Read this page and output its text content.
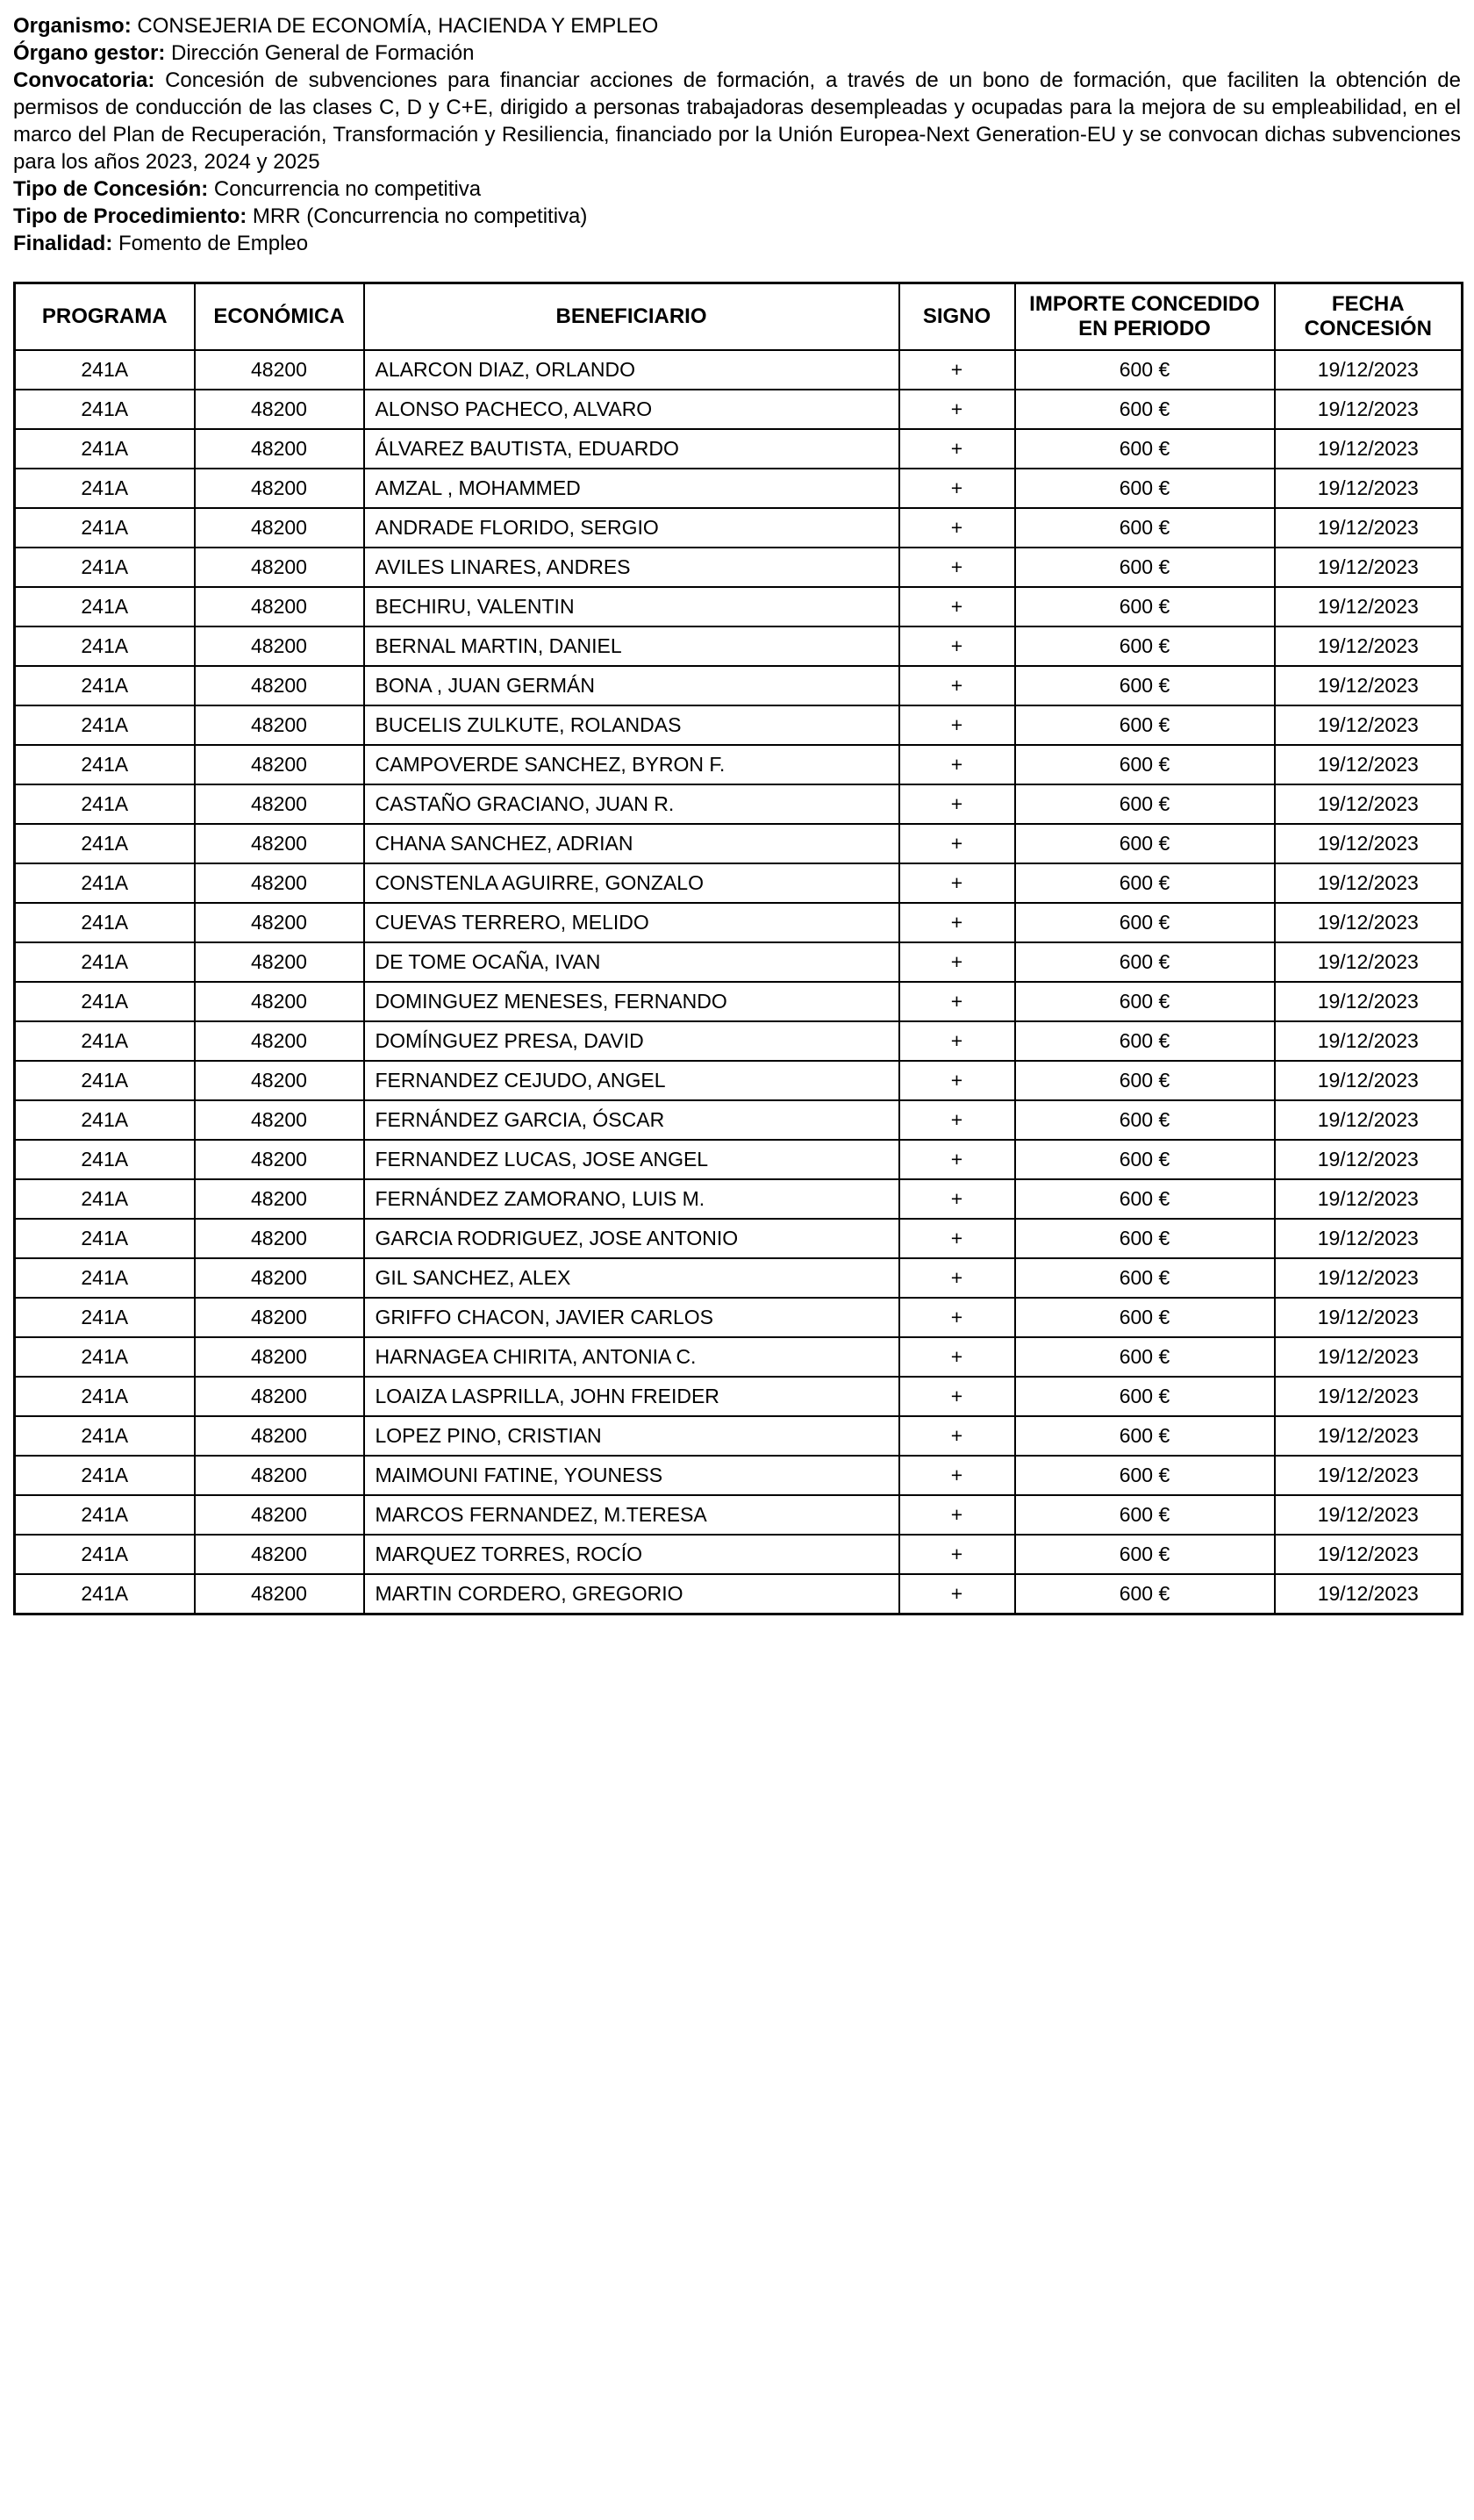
Organismo: CONSEJERIA DE ECONOMÍA, HACIENDA Y EMPLEO

Órgano gestor: Dirección General de Formación

Convocatoria: Concesión de subvenciones para financiar acciones de formación, a través de un bono de formación, que faciliten la obtención de permisos de conducción de las clases C, D y C+E, dirigido a personas trabajadoras desempleadas y ocupadas para la mejora de su empleabilidad, en el marco del Plan de Recuperación, Transformación y Resiliencia, financiado por la Unión Europea-Next Generation-EU y se convocan dichas subvenciones para los años 2023, 2024 y 2025

Tipo de Concesión: Concurrencia no competitiva

Tipo de Procedimiento: MRR (Concurrencia no competitiva)

Finalidad: Fomento de Empleo

PROGRAMA	ECONÓMICA	BENEFICIARIO	SIGNO	IMPORTE CONCEDIDO EN PERIODO	FECHA CONCESIÓN
241A	48200	ALARCON DIAZ, ORLANDO	+	600 €	19/12/2023
241A	48200	ALONSO PACHECO, ALVARO	+	600 €	19/12/2023
241A	48200	ÁLVAREZ BAUTISTA, EDUARDO	+	600 €	19/12/2023
241A	48200	AMZAL , MOHAMMED	+	600 €	19/12/2023
241A	48200	ANDRADE FLORIDO, SERGIO	+	600 €	19/12/2023
241A	48200	AVILES LINARES, ANDRES	+	600 €	19/12/2023
241A	48200	BECHIRU, VALENTIN	+	600 €	19/12/2023
241A	48200	BERNAL MARTIN, DANIEL	+	600 €	19/12/2023
241A	48200	BONA , JUAN GERMÁN	+	600 €	19/12/2023
241A	48200	BUCELIS ZULKUTE, ROLANDAS	+	600 €	19/12/2023
241A	48200	CAMPOVERDE SANCHEZ, BYRON F.	+	600 €	19/12/2023
241A	48200	CASTAÑO GRACIANO, JUAN R.	+	600 €	19/12/2023
241A	48200	CHANA SANCHEZ, ADRIAN	+	600 €	19/12/2023
241A	48200	CONSTENLA AGUIRRE, GONZALO	+	600 €	19/12/2023
241A	48200	CUEVAS TERRERO, MELIDO	+	600 €	19/12/2023
241A	48200	DE TOME OCAÑA, IVAN	+	600 €	19/12/2023
241A	48200	DOMINGUEZ MENESES, FERNANDO	+	600 €	19/12/2023
241A	48200	DOMÍNGUEZ PRESA, DAVID	+	600 €	19/12/2023
241A	48200	FERNANDEZ CEJUDO, ANGEL	+	600 €	19/12/2023
241A	48200	FERNÁNDEZ GARCIA, ÓSCAR	+	600 €	19/12/2023
241A	48200	FERNANDEZ LUCAS, JOSE ANGEL	+	600 €	19/12/2023
241A	48200	FERNÁNDEZ ZAMORANO, LUIS M.	+	600 €	19/12/2023
241A	48200	GARCIA RODRIGUEZ, JOSE ANTONIO	+	600 €	19/12/2023
241A	48200	GIL SANCHEZ, ALEX	+	600 €	19/12/2023
241A	48200	GRIFFO CHACON, JAVIER CARLOS	+	600 €	19/12/2023
241A	48200	HARNAGEA CHIRITA, ANTONIA C.	+	600 €	19/12/2023
241A	48200	LOAIZA LASPRILLA, JOHN FREIDER	+	600 €	19/12/2023
241A	48200	LOPEZ PINO, CRISTIAN	+	600 €	19/12/2023
241A	48200	MAIMOUNI FATINE, YOUNESS	+	600 €	19/12/2023
241A	48200	MARCOS FERNANDEZ, M.TERESA	+	600 €	19/12/2023
241A	48200	MARQUEZ TORRES, ROCÍO	+	600 €	19/12/2023
241A	48200	MARTIN CORDERO, GREGORIO	+	600 €	19/12/2023
